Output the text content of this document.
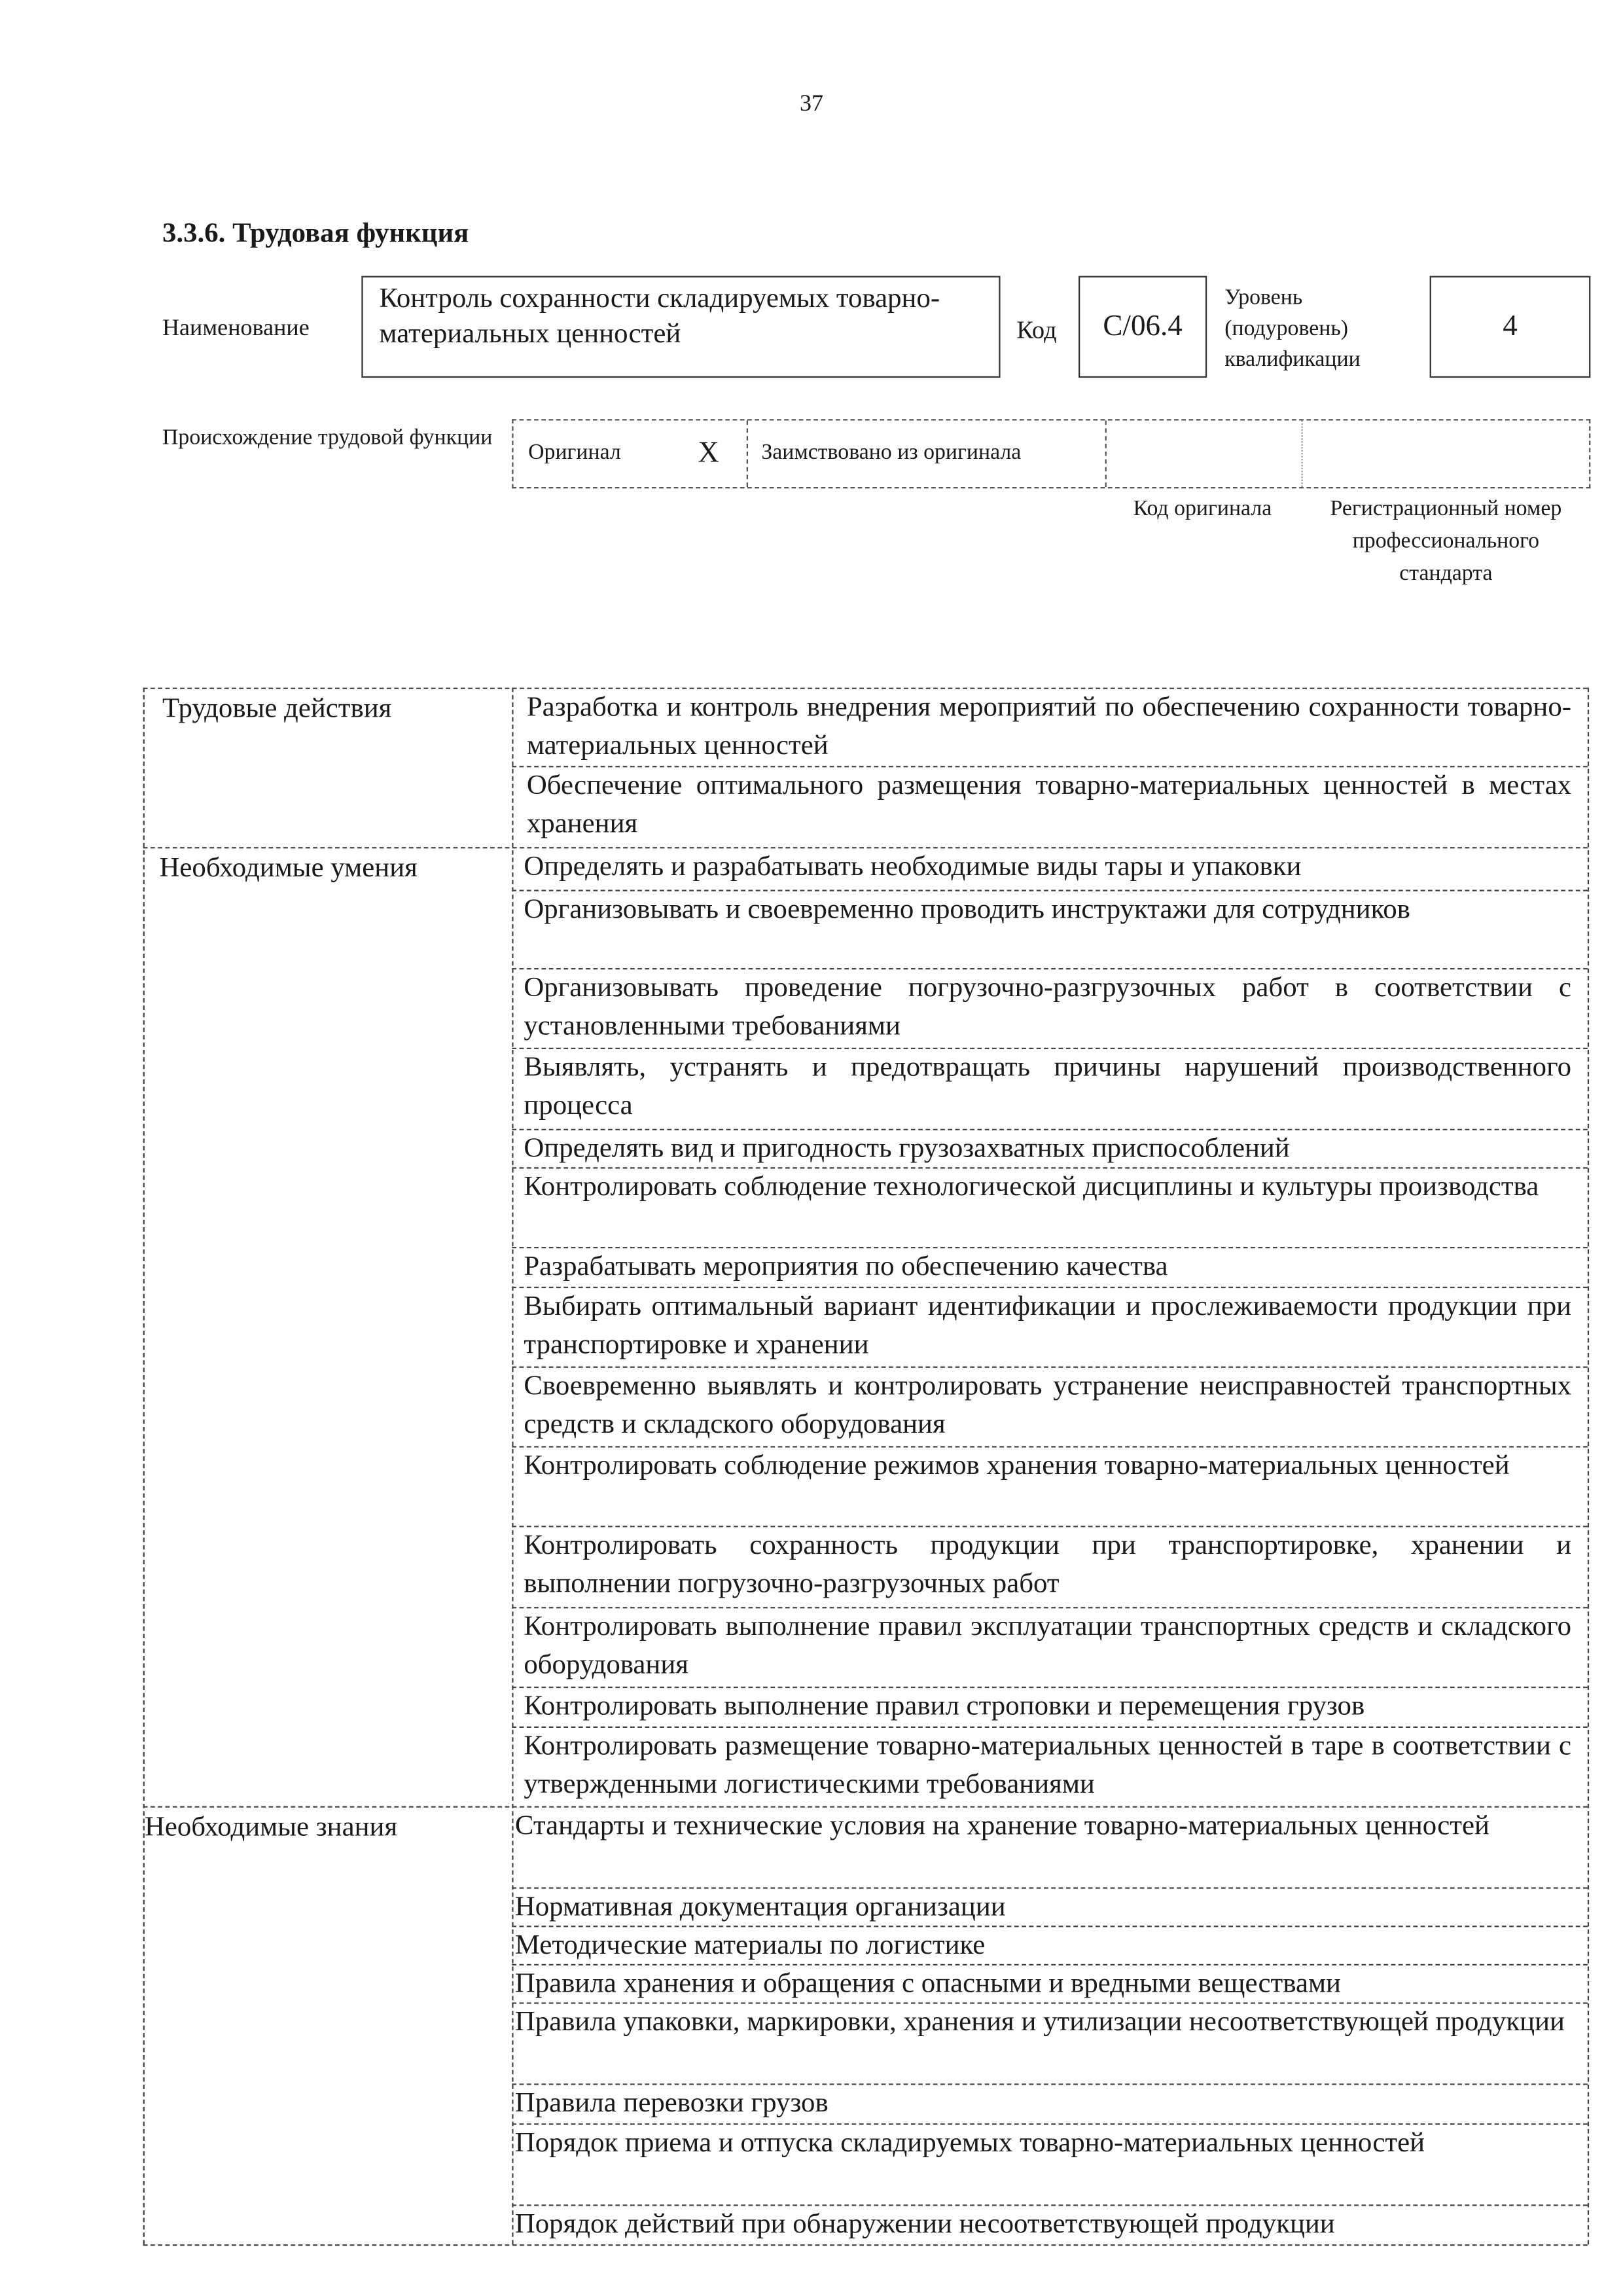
37
3.3.6. Трудовая функция
Наименование
Контроль сохранности складируемых товарно-материальных ценностей	Код	С/06.4
Уровень (подуровень) квалификации
4
Происхождение трудовой функции
Оригинал	X	Заимствовано из оригинала
Код оригинала	Регистрационный номер профессионального стандарта
Трудовые действия	Разработка и контроль внедрения мероприятий по обеспечению сохранности товарно-материальных ценностей
Обеспечение оптимального размещения товарно-материальных ценностей в местах хранения
Необходимые умения	Определять и разрабатывать необходимые виды тары и упаковки
Организовывать и своевременно проводить инструктажи для сотрудников
Организовывать проведение погрузочно-разгрузочных работ в соответствии с установленными требованиями
Выявлять, устранять и предотвращать причины нарушений производственного процесса
Определять вид и пригодность грузозахватных приспособлений
Контролировать соблюдение технологической дисциплины и культуры производства
Разрабатывать мероприятия по обеспечению качества
Выбирать оптимальный вариант идентификации и прослеживаемости продукции при транспортировке и хранении
Своевременно выявлять и контролировать устранение неисправностей транспортных средств и складского оборудования
Контролировать соблюдение режимов хранения товарно-материальных ценностей
Контролировать сохранность продукции при транспортировке, хранении и выполнении погрузочно-разгрузочных работ
Контролировать выполнение правил эксплуатации транспортных средств и складского оборудования
Контролировать выполнение правил строповки и перемещения грузов
Контролировать размещение товарно-материальных ценностей в таре в соответствии с утвержденными логистическими требованиями
Необходимые знания	Стандарты и технические условия на хранение товарно-материальных ценностей
Нормативная документация организации
Методические материалы по логистике
Правила хранения и обращения с опасными и вредными веществами
Правила упаковки, маркировки, хранения и утилизации несоответствующей продукции
Правила перевозки грузов
Порядок приема и отпуска складируемых товарно-материальных ценностей
Порядок действий при обнаружении несоответствующей продукции
